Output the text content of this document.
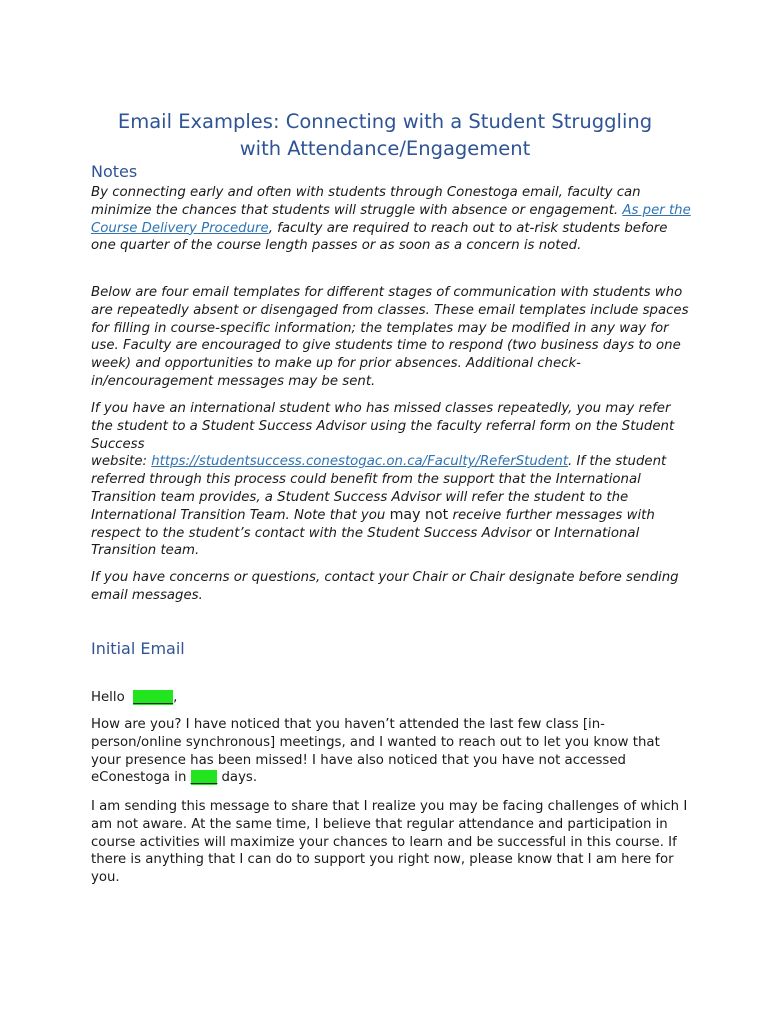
Email Examples: Connecting with a Student Struggling
with Attendance/Engagement
Notes
By connecting early and often with students through Conestoga email, faculty can minimize the chances that students will struggle with absence or engagement. As per the Course Delivery Procedure, faculty are required to reach out to at-risk students before one quarter of the course length passes or as soon as a concern is noted.
Below are four email templates for different stages of communication with students who are repeatedly absent or disengaged from classes. These email templates include spaces for filling in course-specific information; the templates may be modified in any way for use. Faculty are encouraged to give students time to respond (two business days to one week) and opportunities to make up for prior absences. Additional check-in/encouragement messages may be sent.
If you have an international student who has missed classes repeatedly, you may refer the student to a Student Success Advisor using the faculty referral form on the Student Success
website: https://studentsuccess.conestogac.on.ca/Faculty/ReferStudent. If the student referred through this process could benefit from the support that the International Transition team provides, a Student Success Advisor will refer the student to the International Transition Team. Note that you may not receive further messages with respect to the student’s contact with the Student Success Advisor or International Transition team.
If you have concerns or questions, contact your Chair or Chair designate before sending email messages.
Initial Email
Hello ______,
How are you? I have noticed that you haven’t attended the last few class [in-person/online synchronous] meetings, and I wanted to reach out to let you know that your presence has been missed! I have also noticed that you have not accessed eConestoga in ____ days.
I am sending this message to share that I realize you may be facing challenges of which I am not aware. At the same time, I believe that regular attendance and participation in course activities will maximize your chances to learn and be successful in this course. If there is anything that I can do to support you right now, please know that I am here for you.
